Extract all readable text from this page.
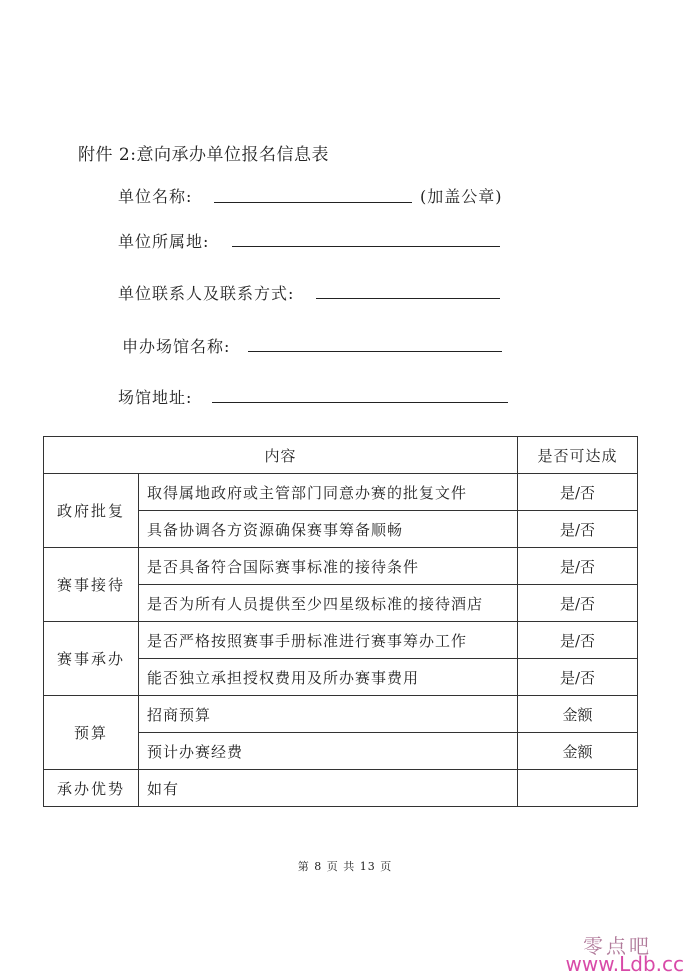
附件 2:意向承办单位报名信息表
单位名称:	(加盖公章)
单位所属地:
单位联系人及联系方式:
申办场馆名称:
场馆地址:
内容		是否可达成
政府批复	取得属地政府或主管部门同意办赛的批复文件	是/否
	具备协调各方资源确保赛事筹备顺畅	是/否
赛事接待	是否具备符合国际赛事标准的接待条件	是/否
	是否为所有人员提供至少四星级标准的接待酒店	是/否
赛事承办	是否严格按照赛事手册标准进行赛事筹办工作	是/否
	能否独立承担授权费用及所办赛事费用	是/否
预算	招商预算	金额
	预计办赛经费	金额
承办优势	如有	
第 8 页 共 13 页
零点吧
www.Ldb.cc
